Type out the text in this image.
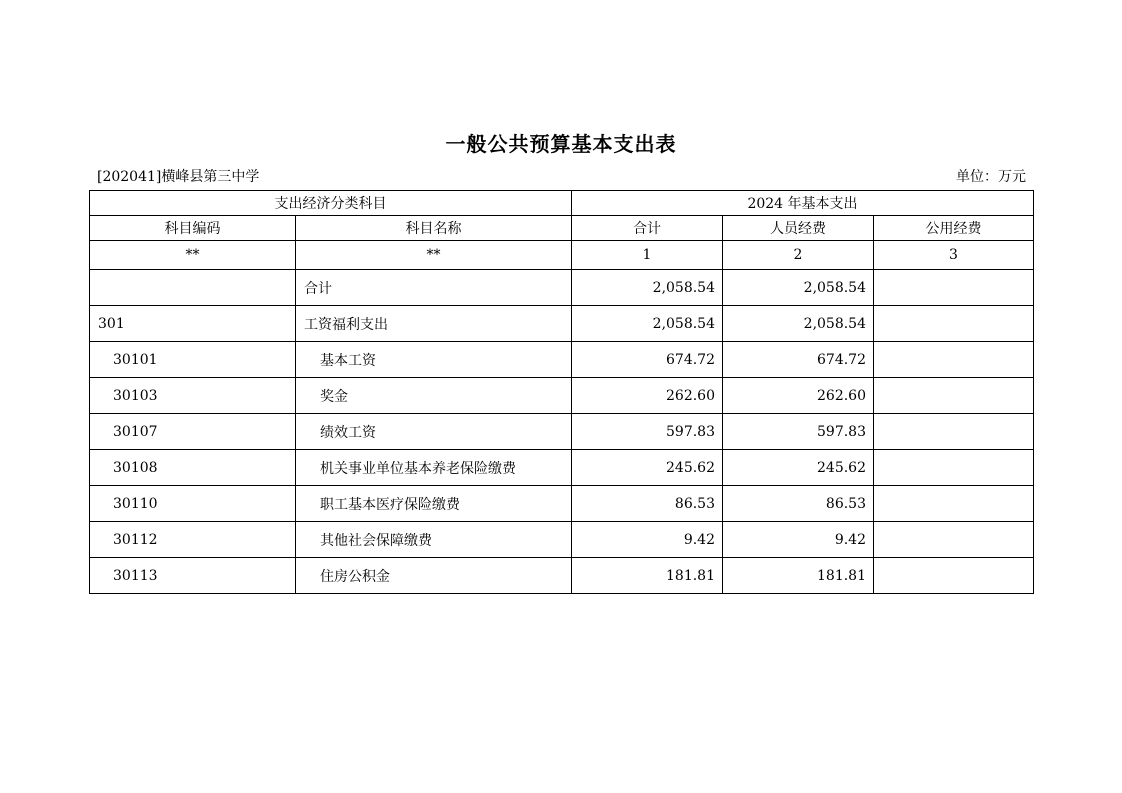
一般公共预算基本支出表
[202041]横峰县第三中学	单位：万元
支出经济分类科目		2024 年基本支出		
科目编码	科目名称	合计	人员经费	公用经费
**	**	1	2	3
	合计	2,058.54	2,058.54	
301	工资福利支出	2,058.54	2,058.54	
30101	基本工资	674.72	674.72	
30103	奖金	262.60	262.60	
30107	绩效工资	597.83	597.83	
30108	机关事业单位基本养老保险缴费	245.62	245.62	
30110	职工基本医疗保险缴费	86.53	86.53	
30112	其他社会保障缴费	9.42	9.42	
30113	住房公积金	181.81	181.81	
